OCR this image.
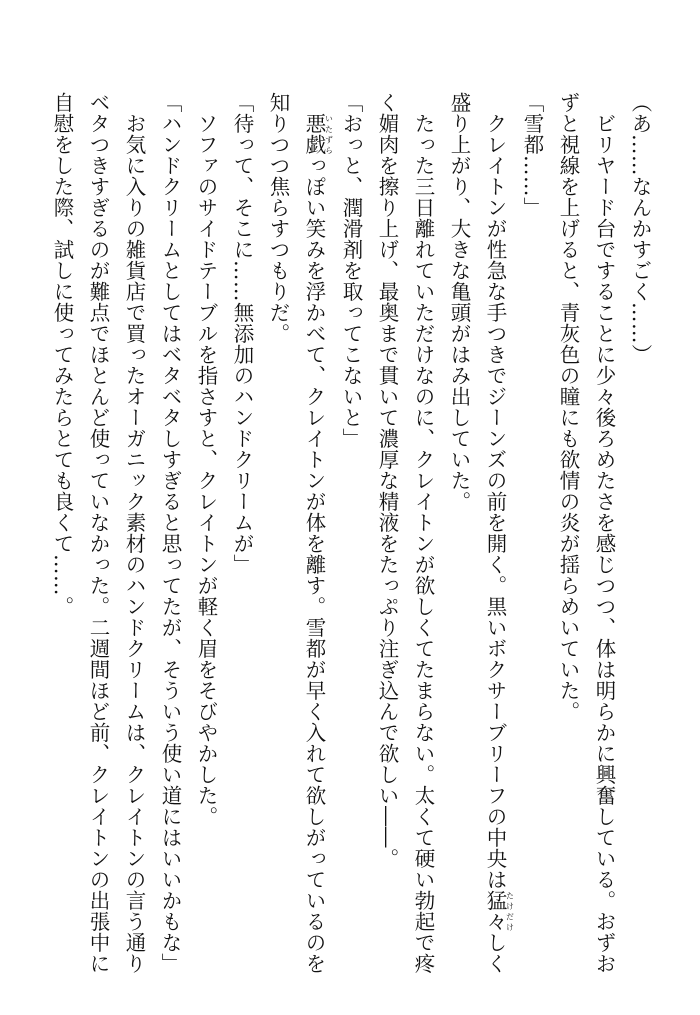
（あ……なんかすごく……）
　ビリヤード台ですることに少々後ろめたさを感じつつ、体は明らかに興奮している。おずお
ずと視線を上げると、青灰色の瞳にも欲情の炎が揺らめいていた。
「雪都……」
　クレイトンが性急な手つきでジーンズの前を開く。黒いボクサーブリーフの中央は猛々たけだけしく
盛り上がり、大きな亀頭がはみ出していた。
　たった三日離れていただけなのに、クレイトンが欲しくてたまらない。太くて硬い勃起で疼
く媚肉を擦り上げ、最奥まで貫いて濃厚な精液をたっぷり注ぎ込んで欲しい――。
「おっと、潤滑剤を取ってこないと」
　悪戯いたずらっぽい笑みを浮かべて、クレイトンが体を離す。雪都が早く入れて欲しがっているのを
知りつつ焦らすつもりだ。
「待って、そこに……無添加のハンドクリームが」
　ソファのサイドテーブルを指さすと、クレイトンが軽く眉をそびやかした。
「ハンドクリームとしてはベタベタしすぎると思ってたが、そういう使い道にはいいかもな」
　お気に入りの雑貨店で買ったオーガニック素材のハンドクリームは、クレイトンの言う通り
ベタつきすぎるのが難点でほとんど使っていなかった。二週間ほど前、クレイトンの出張中に
自慰をした際、試しに使ってみたらとても良くて……。
